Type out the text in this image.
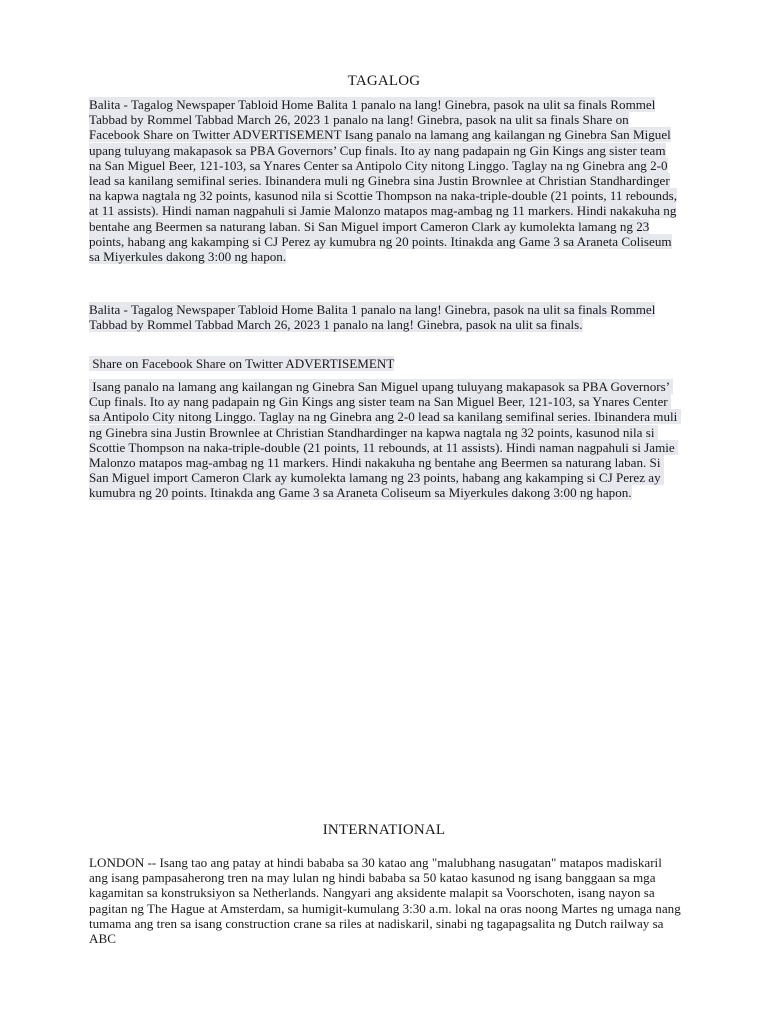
TAGALOG

Balita - Tagalog Newspaper Tabloid Home Balita 1 panalo na lang! Ginebra, pasok na ulit sa finals Rommel Tabbad by Rommel Tabbad March 26, 2023 1 panalo na lang! Ginebra, pasok na ulit sa finals Share on Facebook Share on Twitter ADVERTISEMENT Isang panalo na lamang ang kailangan ng Ginebra San Miguel upang tuluyang makapasok sa PBA Governors’ Cup finals. Ito ay nang padapain ng Gin Kings ang sister team na San Miguel Beer, 121-103, sa Ynares Center sa Antipolo City nitong Linggo. Taglay na ng Ginebra ang 2-0 lead sa kanilang semifinal series. Ibinandera muli ng Ginebra sina Justin Brownlee at Christian Standhardinger na kapwa nagtala ng 32 points, kasunod nila si Scottie Thompson na naka-triple-double (21 points, 11 rebounds, at 11 assists). Hindi naman nagpahuli si Jamie Malonzo matapos mag-ambag ng 11 markers. Hindi nakakuha ng bentahe ang Beermen sa naturang laban. Si San Miguel import Cameron Clark ay kumolekta lamang ng 23 points, habang ang kakamping si CJ Perez ay kumubra ng 20 points. Itinakda ang Game 3 sa Araneta Coliseum sa Miyerkules dakong 3:00 ng hapon.

Balita - Tagalog Newspaper Tabloid Home Balita 1 panalo na lang! Ginebra, pasok na ulit sa finals Rommel Tabbad by Rommel Tabbad March 26, 2023 1 panalo na lang! Ginebra, pasok na ulit sa finals.

Share on Facebook Share on Twitter ADVERTISEMENT

Isang panalo na lamang ang kailangan ng Ginebra San Miguel upang tuluyang makapasok sa PBA Governors’ Cup finals. Ito ay nang padapain ng Gin Kings ang sister team na San Miguel Beer, 121-103, sa Ynares Center sa Antipolo City nitong Linggo. Taglay na ng Ginebra ang 2-0 lead sa kanilang semifinal series. Ibinandera muli ng Ginebra sina Justin Brownlee at Christian Standhardinger na kapwa nagtala ng 32 points, kasunod nila si Scottie Thompson na naka-triple-double (21 points, 11 rebounds, at 11 assists). Hindi naman nagpahuli si Jamie Malonzo matapos mag-ambag ng 11 markers. Hindi nakakuha ng bentahe ang Beermen sa naturang laban. Si San Miguel import Cameron Clark ay kumolekta lamang ng 23 points, habang ang kakamping si CJ Perez ay kumubra ng 20 points. Itinakda ang Game 3 sa Araneta Coliseum sa Miyerkules dakong 3:00 ng hapon.

INTERNATIONAL

LONDON -- Isang tao ang patay at hindi bababa sa 30 katao ang "malubhang nasugatan" matapos madiskaril ang isang pampasaherong tren na may lulan ng hindi bababa sa 50 katao kasunod ng isang banggaan sa mga kagamitan sa konstruksiyon sa Netherlands. Nangyari ang aksidente malapit sa Voorschoten, isang nayon sa pagitan ng The Hague at Amsterdam, sa humigit-kumulang 3:30 a.m. lokal na oras noong Martes ng umaga nang tumama ang tren sa isang construction crane sa riles at nadiskaril, sinabi ng tagapagsalita ng Dutch railway sa ABC
